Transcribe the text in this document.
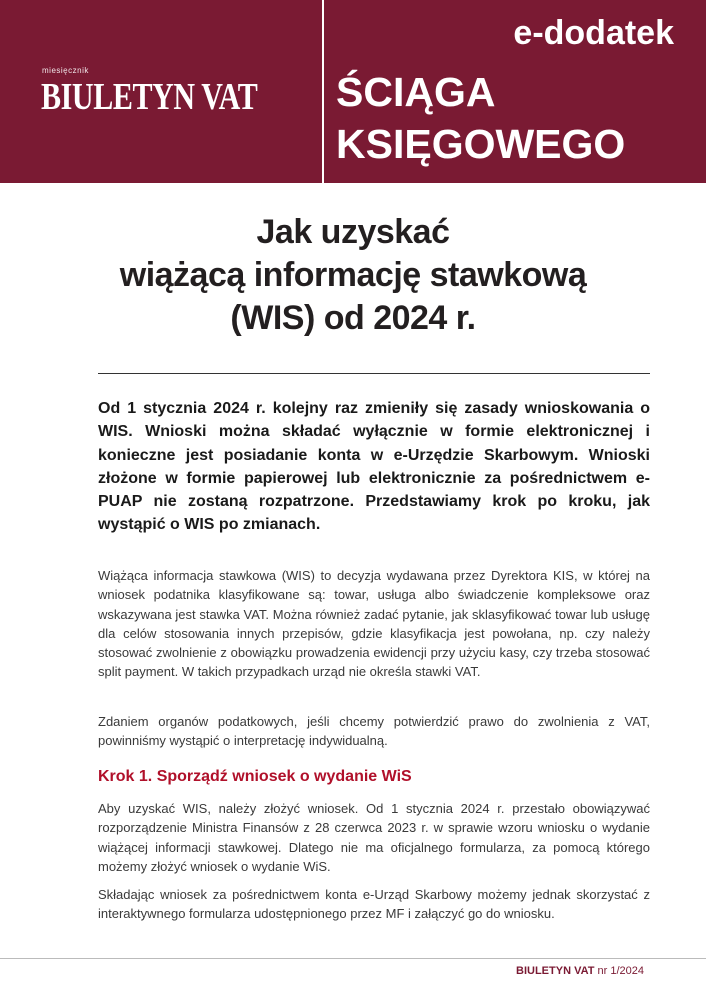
miesięcznik
BIULETYN VAT
e-dodatek
ŚCIĄGA
KSIĘGOWEGO
Jak uzyskać
wiążącą informację stawkową
(WIS) od 2024 r.

Od 1 stycznia 2024 r. kolejny raz zmieniły się zasady wnioskowania o WIS. Wnioski można składać wyłącznie w formie elektronicznej i konieczne jest posiadanie konta w e-Urzędzie Skarbowym. Wnioski złożone w formie papierowej lub elektronicznie za pośrednictwem e-PUAP nie zostaną rozpatrzone. Przedstawiamy krok po kroku, jak wystąpić o WIS po zmianach.

Wiążąca informacja stawkowa (WIS) to decyzja wydawana przez Dyrektora KIS, w której na wniosek podatnika klasyfikowane są: towar, usługa albo świadczenie kompleksowe oraz wskazywana jest stawka VAT. Można również zadać pytanie, jak sklasyfikować towar lub usługę dla celów stosowania innych przepisów, gdzie klasyfikacja jest powołana, np. czy należy stosować zwolnienie z obowiązku prowadzenia ewidencji przy użyciu kasy, czy trzeba stosować split payment. W takich przypadkach urząd nie określa stawki VAT.

Zdaniem organów podatkowych, jeśli chcemy potwierdzić prawo do zwolnienia z VAT, powinniśmy wystąpić o interpretację indywidualną.

Krok 1. Sporządź wniosek o wydanie WiS

Aby uzyskać WIS, należy złożyć wniosek. Od 1 stycznia 2024 r. przestało obowiązywać rozporządzenie Ministra Finansów z 28 czerwca 2023 r. w sprawie wzoru wniosku o wydanie wiążącej informacji stawkowej. Dlatego nie ma oficjalnego formularza, za pomocą którego możemy złożyć wniosek o wydanie WiS.

Składając wniosek za pośrednictwem konta e-Urząd Skarbowy możemy jednak skorzystać z interaktywnego formularza udostępnionego przez MF i załączyć go do wniosku.

BIULETYN VAT nr 1/2024
